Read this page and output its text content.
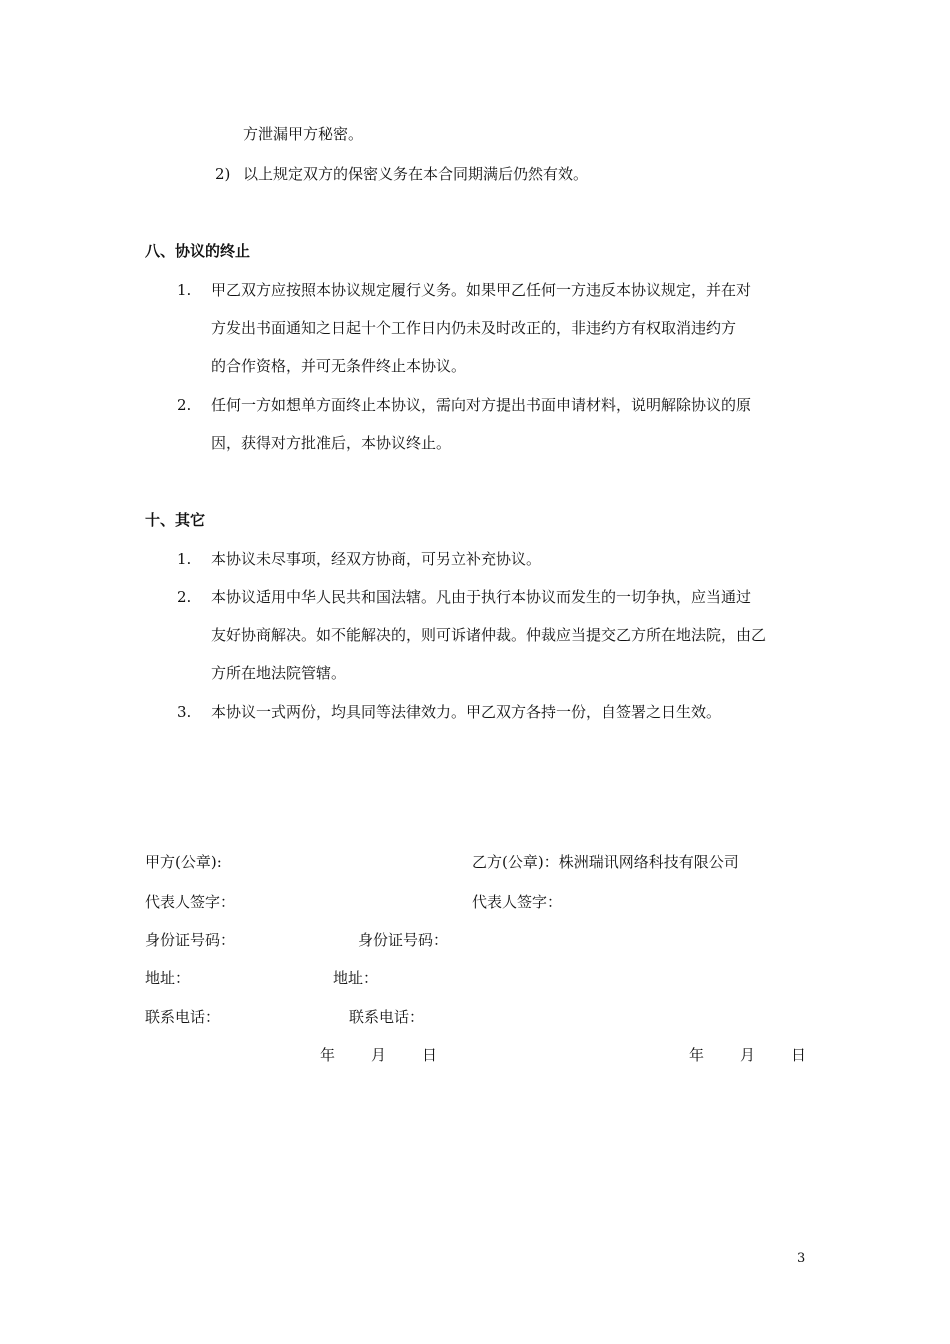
方泄漏甲方秘密。
2) 以上规定双方的保密义务在本合同期满后仍然有效。
八、协议的终止
1. 甲乙双方应按照本协议规定履行义务。如果甲乙任何一方违反本协议规定，并在对
方发出书面通知之日起十个工作日内仍未及时改正的，非违约方有权取消违约方
的合作资格，并可无条件终止本协议。
2. 任何一方如想单方面终止本协议，需向对方提出书面申请材料，说明解除协议的原
因，获得对方批准后，本协议终止。
十、其它
1. 本协议未尽事项，经双方协商，可另立补充协议。
2. 本协议适用中华人民共和国法辖。凡由于执行本协议而发生的一切争执，应当通过
友好协商解决。如不能解决的，则可诉诸仲裁。仲裁应当提交乙方所在地法院，由乙
方所在地法院管辖。
3. 本协议一式两份，均具同等法律效力。甲乙双方各持一份，自签署之日生效。
甲方(公章):	乙方(公章)：株洲瑞讯网络科技有限公司
代表人签字：	代表人签字：
身份证号码：	身份证号码：
地址：	地址：
联系电话：	联系电话：
年 月 日	年 月 日
3
